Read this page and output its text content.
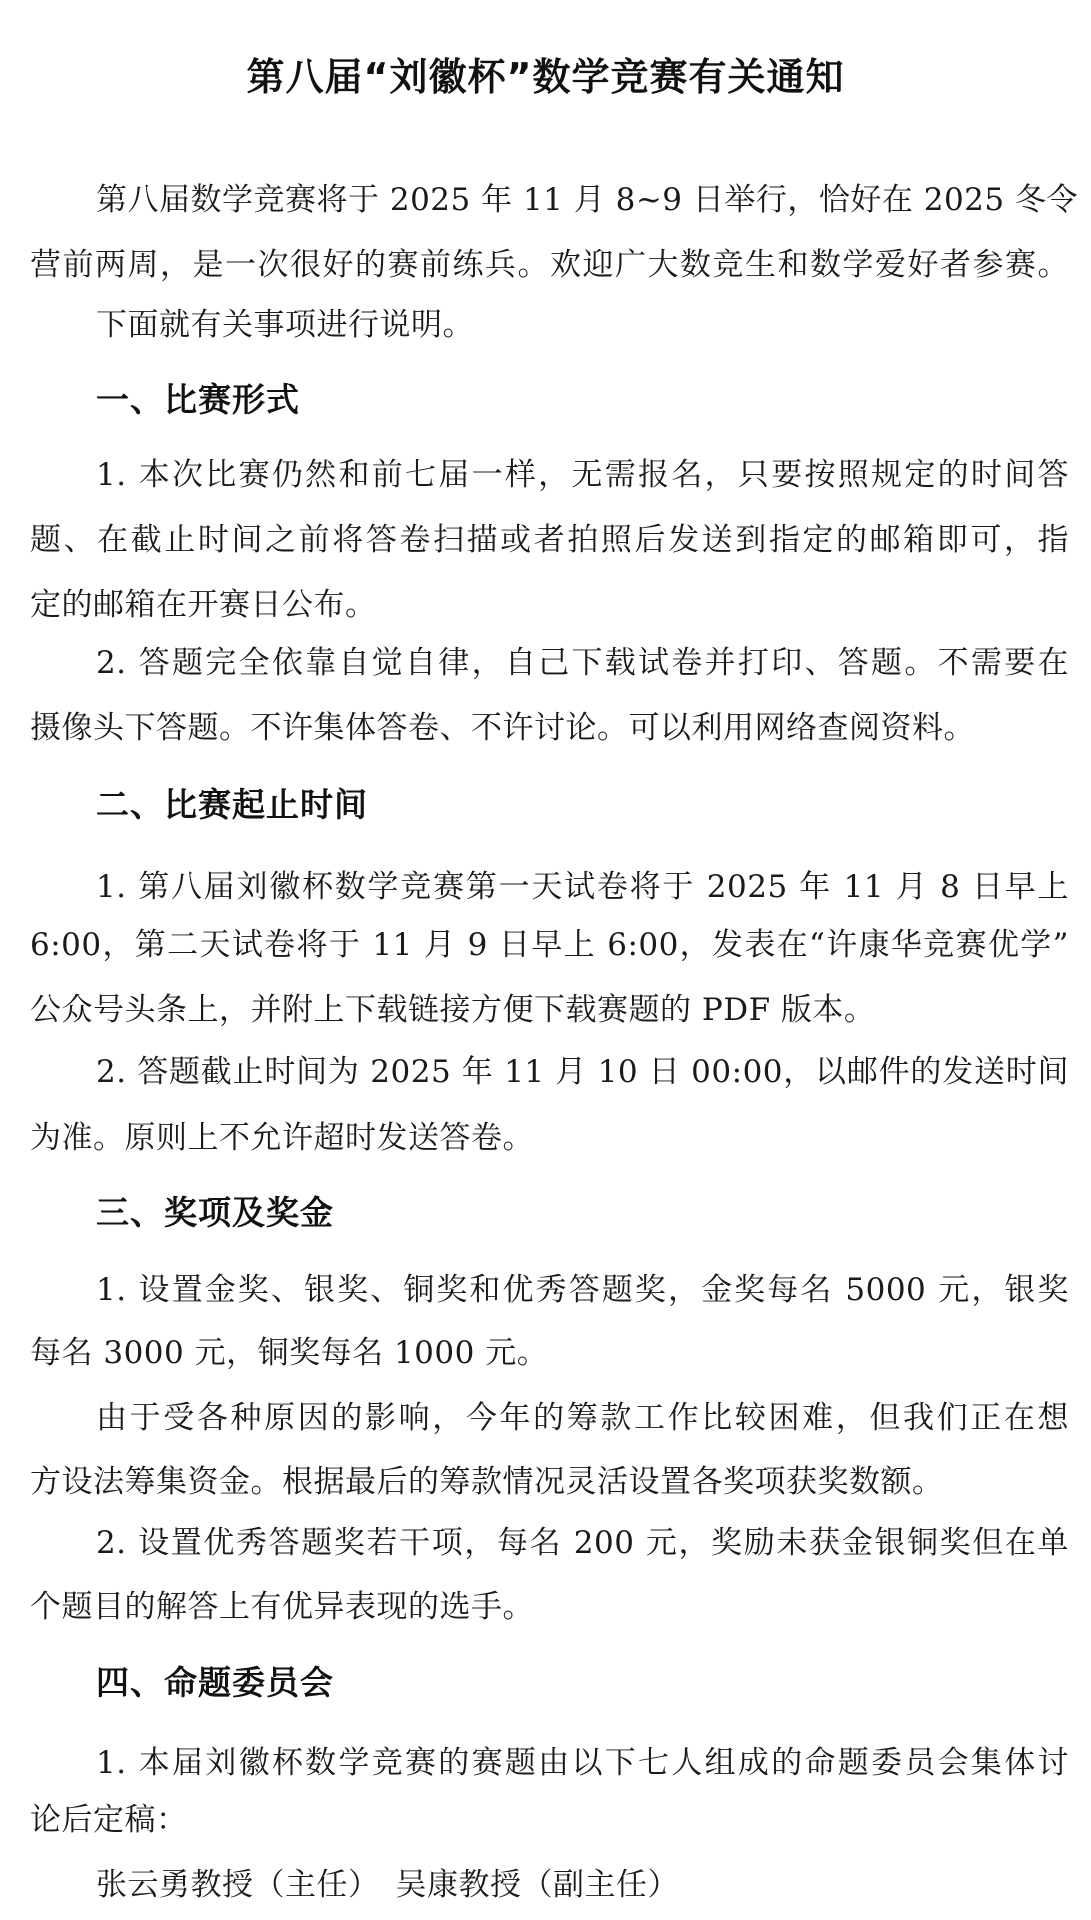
第八届“刘徽杯”数学竞赛有关通知
第八届数学竞赛将于 2025 年 11 月 8~9 日举行，恰好在 2025 冬令
营前两周，是一次很好的赛前练兵。欢迎广大数竞生和数学爱好者参赛。
下面就有关事项进行说明。
一、比赛形式
1. 本次比赛仍然和前七届一样，无需报名，只要按照规定的时间答
题、在截止时间之前将答卷扫描或者拍照后发送到指定的邮箱即可，指
定的邮箱在开赛日公布。
2. 答题完全依靠自觉自律，自己下载试卷并打印、答题。不需要在
摄像头下答题。不许集体答卷、不许讨论。可以利用网络查阅资料。
二、比赛起止时间
1. 第八届刘徽杯数学竞赛第一天试卷将于 2025 年 11 月 8 日早上
6:00，第二天试卷将于 11 月 9 日早上 6:00，发表在“许康华竞赛优学”
公众号头条上，并附上下载链接方便下载赛题的 PDF 版本。
2. 答题截止时间为 2025 年 11 月 10 日 00:00，以邮件的发送时间
为准。原则上不允许超时发送答卷。
三、奖项及奖金
1. 设置金奖、银奖、铜奖和优秀答题奖，金奖每名 5000 元，银奖
每名 3000 元，铜奖每名 1000 元。
由于受各种原因的影响，今年的筹款工作比较困难，但我们正在想
方设法筹集资金。根据最后的筹款情况灵活设置各奖项获奖数额。
2. 设置优秀答题奖若干项，每名 200 元，奖励未获金银铜奖但在单
个题目的解答上有优异表现的选手。
四、命题委员会
1. 本届刘徽杯数学竞赛的赛题由以下七人组成的命题委员会集体讨
论后定稿：
张云勇教授（主任）　吴康教授（副主任）
